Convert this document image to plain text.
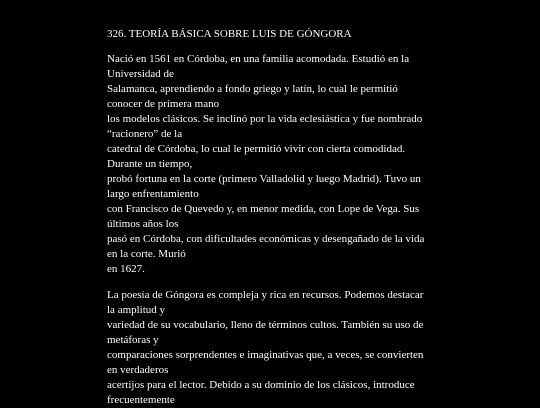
326. TEORÍA BÁSICA SOBRE LUIS DE GÓNGORA
Nació en 1561 en Córdoba, en una familia acomodada. Estudió en la
Universidad de
Salamanca, aprendiendo a fondo griego y latín, lo cual le permitió
conocer de primera mano
los modelos clásicos. Se inclinó por la vida eclesiástica y fue nombrado
“racionero” de la
catedral de Córdoba, lo cual le permitió vivir con cierta comodidad.
Durante un tiempo,
probó fortuna en la corte (primero Valladolid y luego Madrid). Tuvo un
largo enfrentamiento
con Francisco de Quevedo y, en menor medida, con Lope de Vega. Sus
últimos años los
pasó en Córdoba, con dificultades económicas y desengañado de la vida
en la corte. Murió
en 1627.
La poesía de Góngora es compleja y rica en recursos. Podemos destacar
la amplitud y
variedad de su vocabulario, lleno de términos cultos. También su uso de
metáforas y
comparaciones sorprendentes e imaginativas que, a veces, se convierten
en verdaderos
acertijos para el lector. Debido a su dominio de los clásicos, introduce
frecuentemente
